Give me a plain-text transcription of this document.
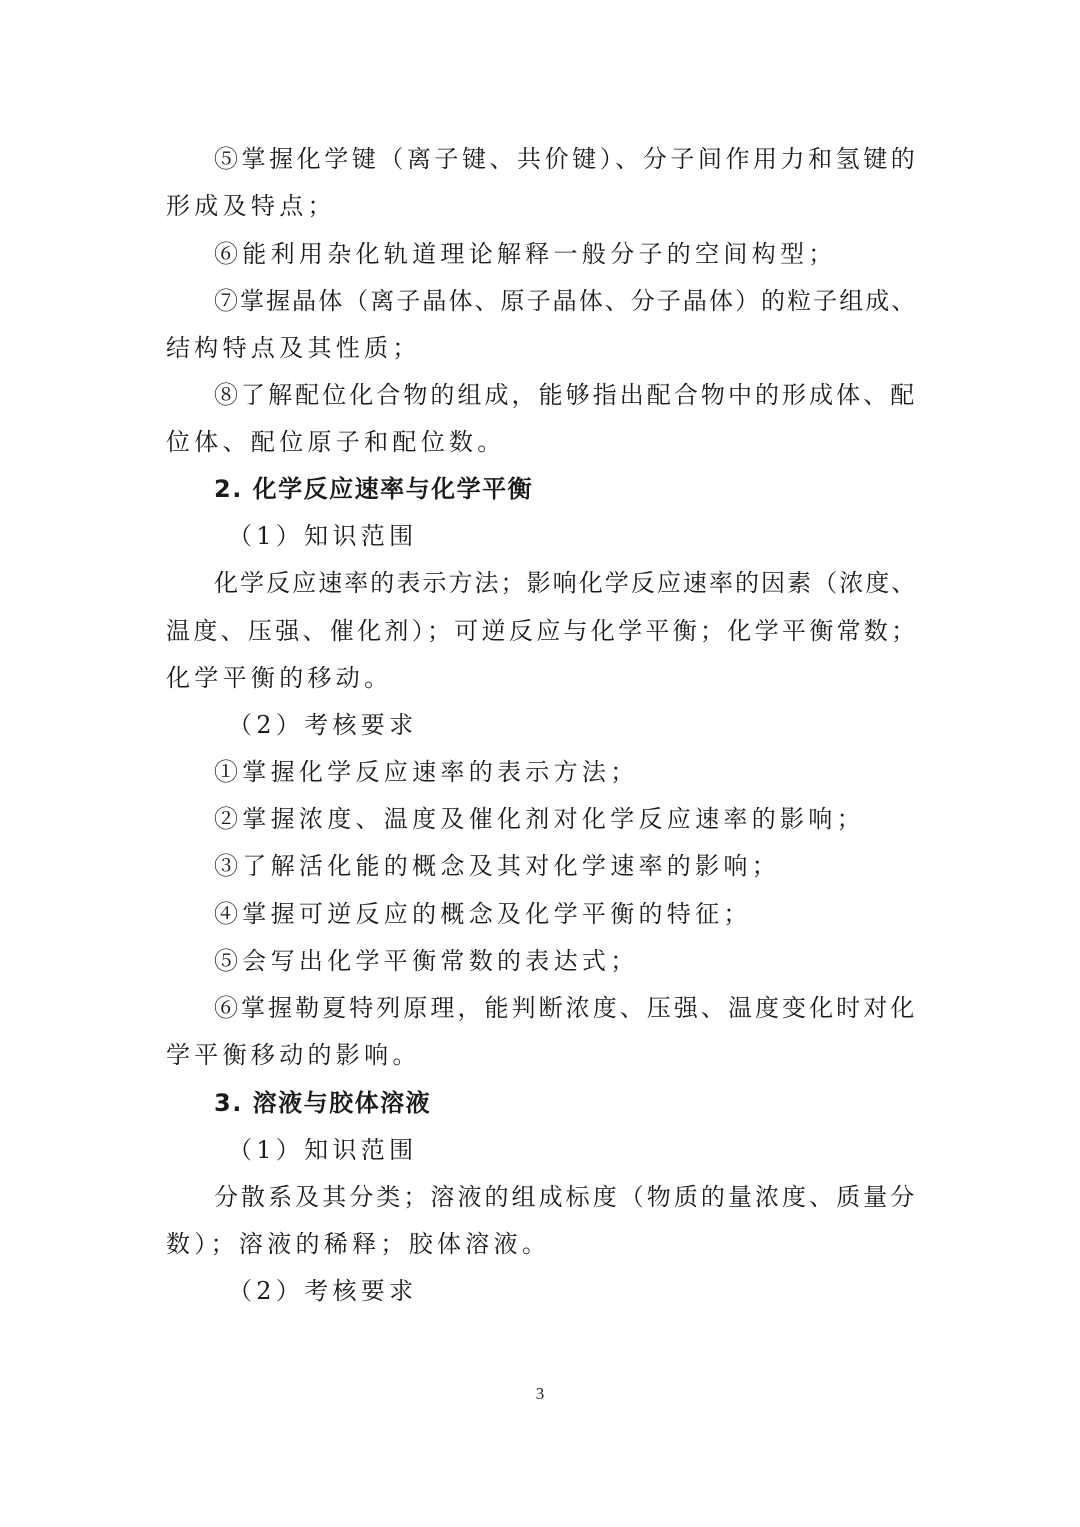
⑤掌握化学键（离子键、共价键）、分子间作用力和氢键的
形成及特点；
⑥能利用杂化轨道理论解释一般分子的空间构型；
⑦掌握晶体（离子晶体、原子晶体、分子晶体）的粒子组成、
结构特点及其性质；
⑧了解配位化合物的组成，能够指出配合物中的形成体、配
位体、配位原子和配位数。
2. 化学反应速率与化学平衡
（1）知识范围
化学反应速率的表示方法；影响化学反应速率的因素（浓度、
温度、压强、催化剂）；可逆反应与化学平衡；化学平衡常数；
化学平衡的移动。
（2）考核要求
①掌握化学反应速率的表示方法；
②掌握浓度、温度及催化剂对化学反应速率的影响；
③了解活化能的概念及其对化学速率的影响；
④掌握可逆反应的概念及化学平衡的特征；
⑤会写出化学平衡常数的表达式；
⑥掌握勒夏特列原理，能判断浓度、压强、温度变化时对化
学平衡移动的影响。
3. 溶液与胶体溶液
（1）知识范围
分散系及其分类；溶液的组成标度（物质的量浓度、质量分
数）；溶液的稀释；胶体溶液。
（2）考核要求
3
